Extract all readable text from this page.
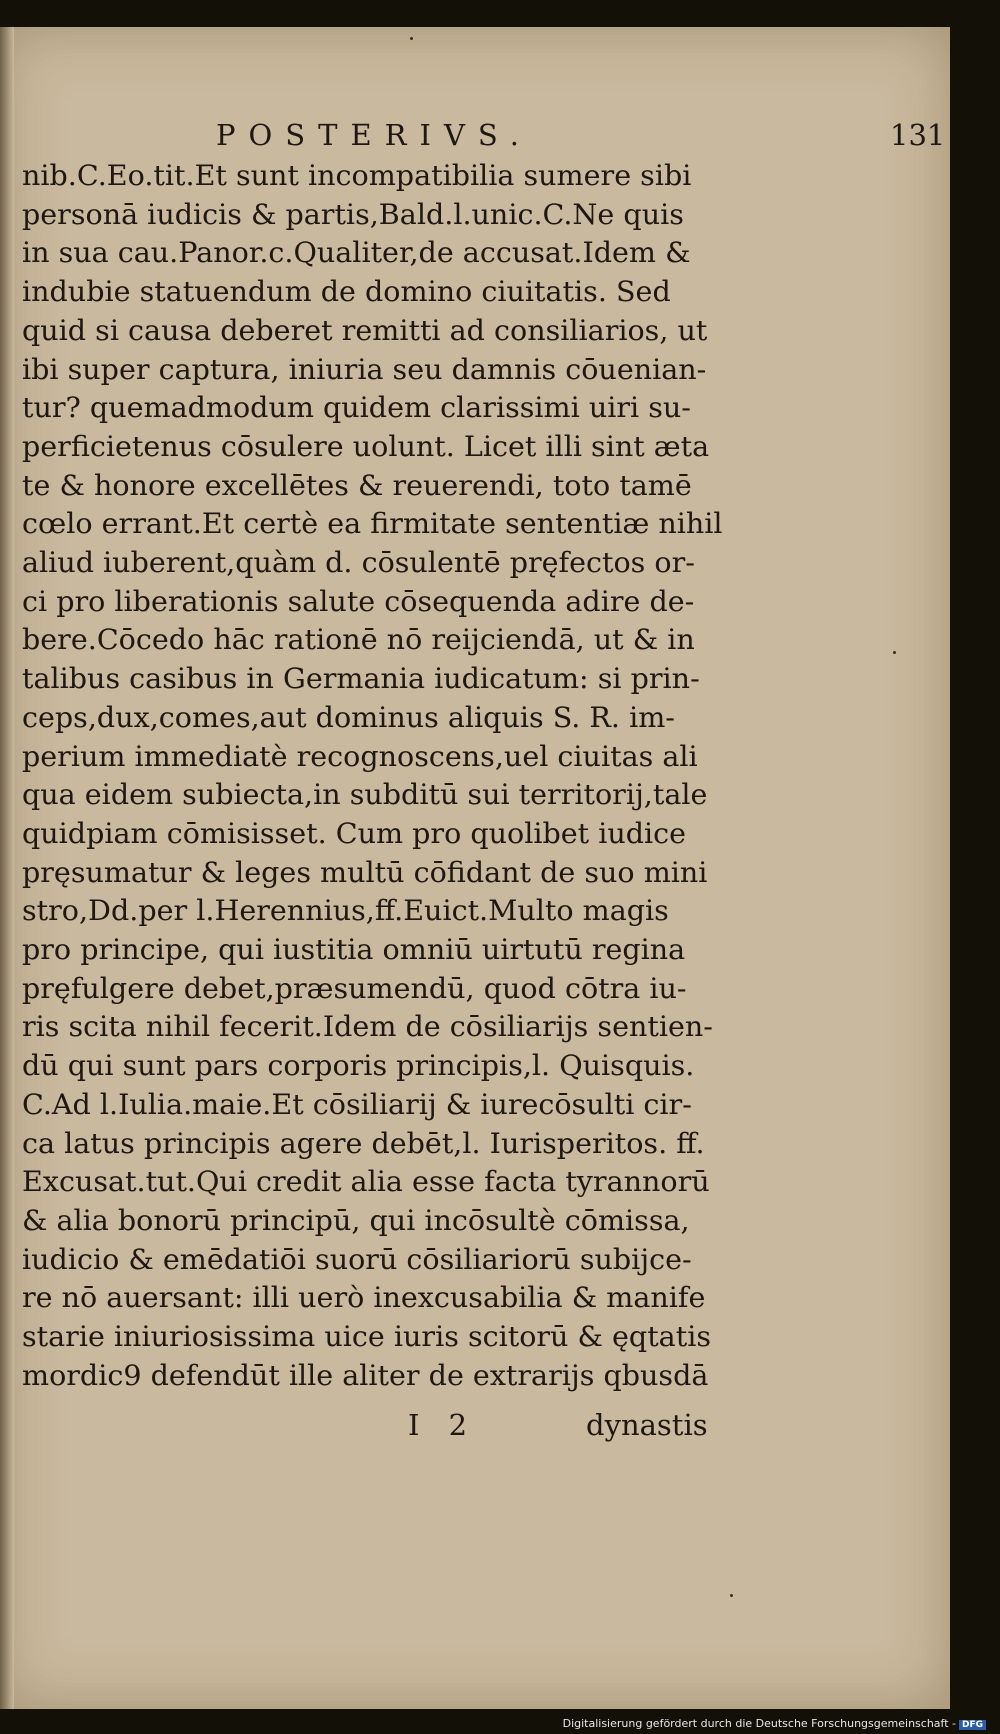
POSTERIVS.	131
nib.C.Eo.tit.Et sunt incompatibilia sumere sibi
personā iudicis & partis,Bald.l.unic.C.Ne quis
in sua cau.Panor.c.Qualiter,de accusat.Idem &
indubie statuendum de domino ciuitatis. Sed
quid si causa deberet remitti ad consiliarios, ut
ibi super captura, iniuria seu damnis cōuenian-
tur? quemadmodum quidem clarissimi uiri su-
perficietenus cōsulere uolunt. Licet illi sint æta
te & honore excellētes & reuerendi, toto tamē
cœlo errant.Et certè ea firmitate sententiæ nihil
aliud iuberent,quàm d. cōsulentē pręfectos or-
ci pro liberationis salute cōsequenda adire de-
bere.Cōcedo hāc rationē nō reijciendā, ut & in
talibus casibus in Germania iudicatum: si prin-
ceps,dux,comes,aut dominus aliquis S. R. im-
perium immediatè recognoscens,uel ciuitas ali
qua eidem subiecta,in subditū sui territorij,tale
quidpiam cōmisisset. Cum pro quolibet iudice
pręsumatur & leges multū cōfidant de suo mini
stro,Dd.per l.Herennius,ff.Euict.Multo magis
pro principe, qui iustitia omniū uirtutū regina
pręfulgere debet,præsumendū, quod cōtra iu-
ris scita nihil fecerit.Idem de cōsiliarijs sentien-
dū qui sunt pars corporis principis,l. Quisquis.
C.Ad l.Iulia.maie.Et cōsiliarij & iurecōsulti cir-
ca latus principis agere debēt,l. Iurisperitos. ff.
Excusat.tut.Qui credit alia esse facta tyrannorū
& alia bonorū principū, qui incōsultè cōmissa,
iudicio & emēdatiōi suorū cōsiliariorū subijce-
re nō auersant: illi uerò inexcusabilia & manife
starie iniuriosissima uice iuris scitorū & ęqtatis
mordic9 defendūt ille aliter de extrarijs qbusdā
I 2	dynastis
Digitalisierung gefördert durch die Deutsche Forschungsgemeinschaft - DFG
